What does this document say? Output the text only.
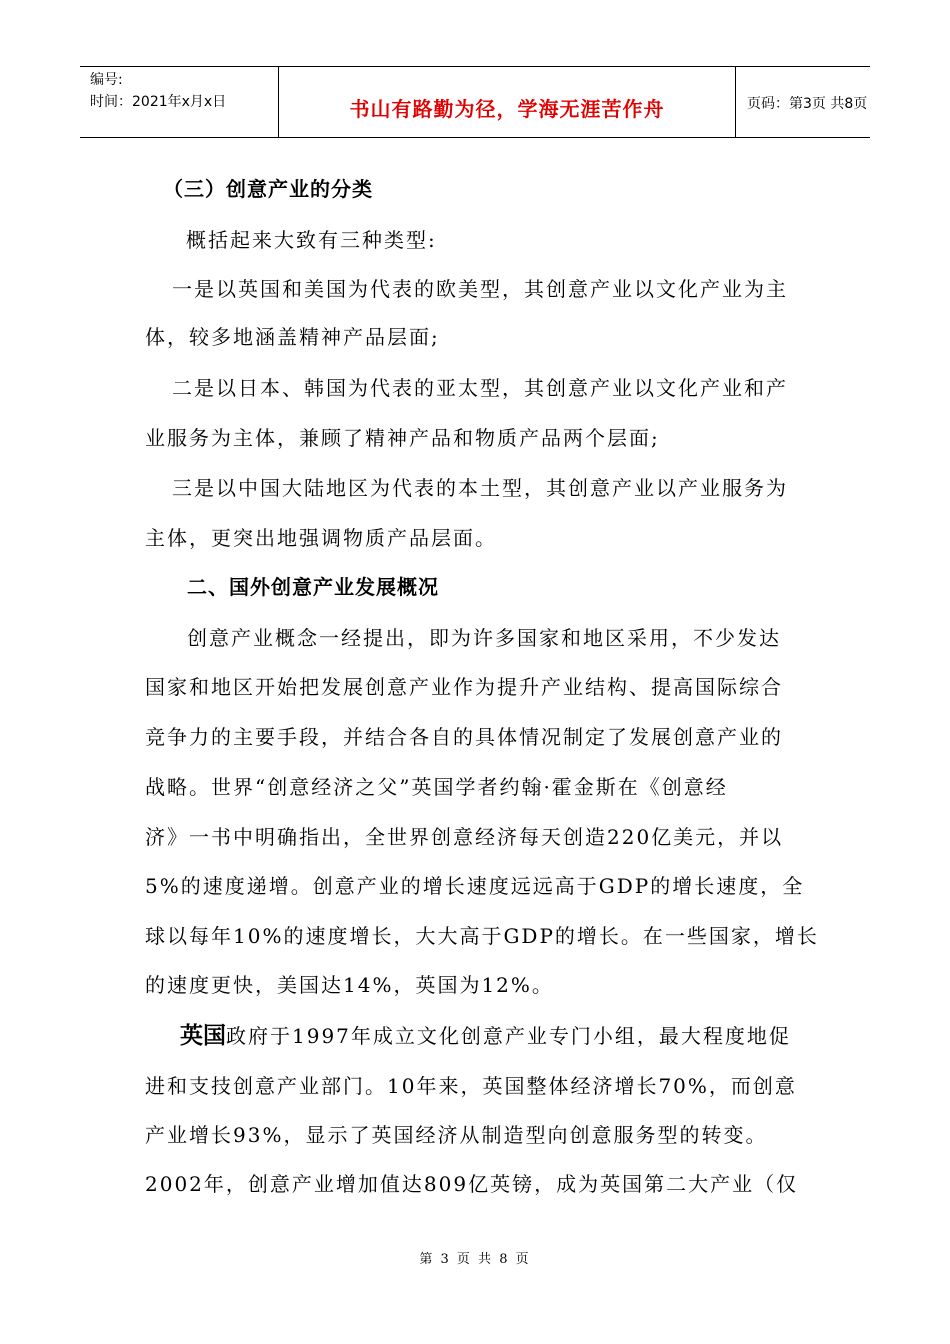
编号:
时间：2021年x月x日	书山有路勤为径，学海无涯苦作舟	页码：第3页 共8页
（三）创意产业的分类
概括起来大致有三种类型:
一是以英国和美国为代表的欧美型，其创意产业以文化产业为主
体，较多地涵盖精神产品层面;
二是以日本、韩国为代表的亚太型，其创意产业以文化产业和产
业服务为主体，兼顾了精神产品和物质产品两个层面;
三是以中国大陆地区为代表的本土型，其创意产业以产业服务为
主体，更突出地强调物质产品层面。
二、国外创意产业发展概况
创意产业概念一经提出，即为许多国家和地区采用，不少发达
国家和地区开始把发展创意产业作为提升产业结构、提高国际综合
竞争力的主要手段，并结合各自的具体情况制定了发展创意产业的
战略。世界“创意经济之父”英国学者约翰·霍金斯在《创意经
济》一书中明确指出，全世界创意经济每天创造220亿美元，并以
5%的速度递增。创意产业的增长速度远远高于GDP的增长速度，全
球以每年10%的速度增长，大大高于GDP的增长。在一些国家，增长
的速度更快，美国达14%，英国为12%。
英国政府于1997年成立文化创意产业专门小组，最大程度地促
进和支技创意产业部门。10年来，英国整体经济增长70%，而创意
产业增长93%，显示了英国经济从制造型向创意服务型的转变。
2002年，创意产业增加值达809亿英镑，成为英国第二大产业（仅
第 3 页 共 8 页
